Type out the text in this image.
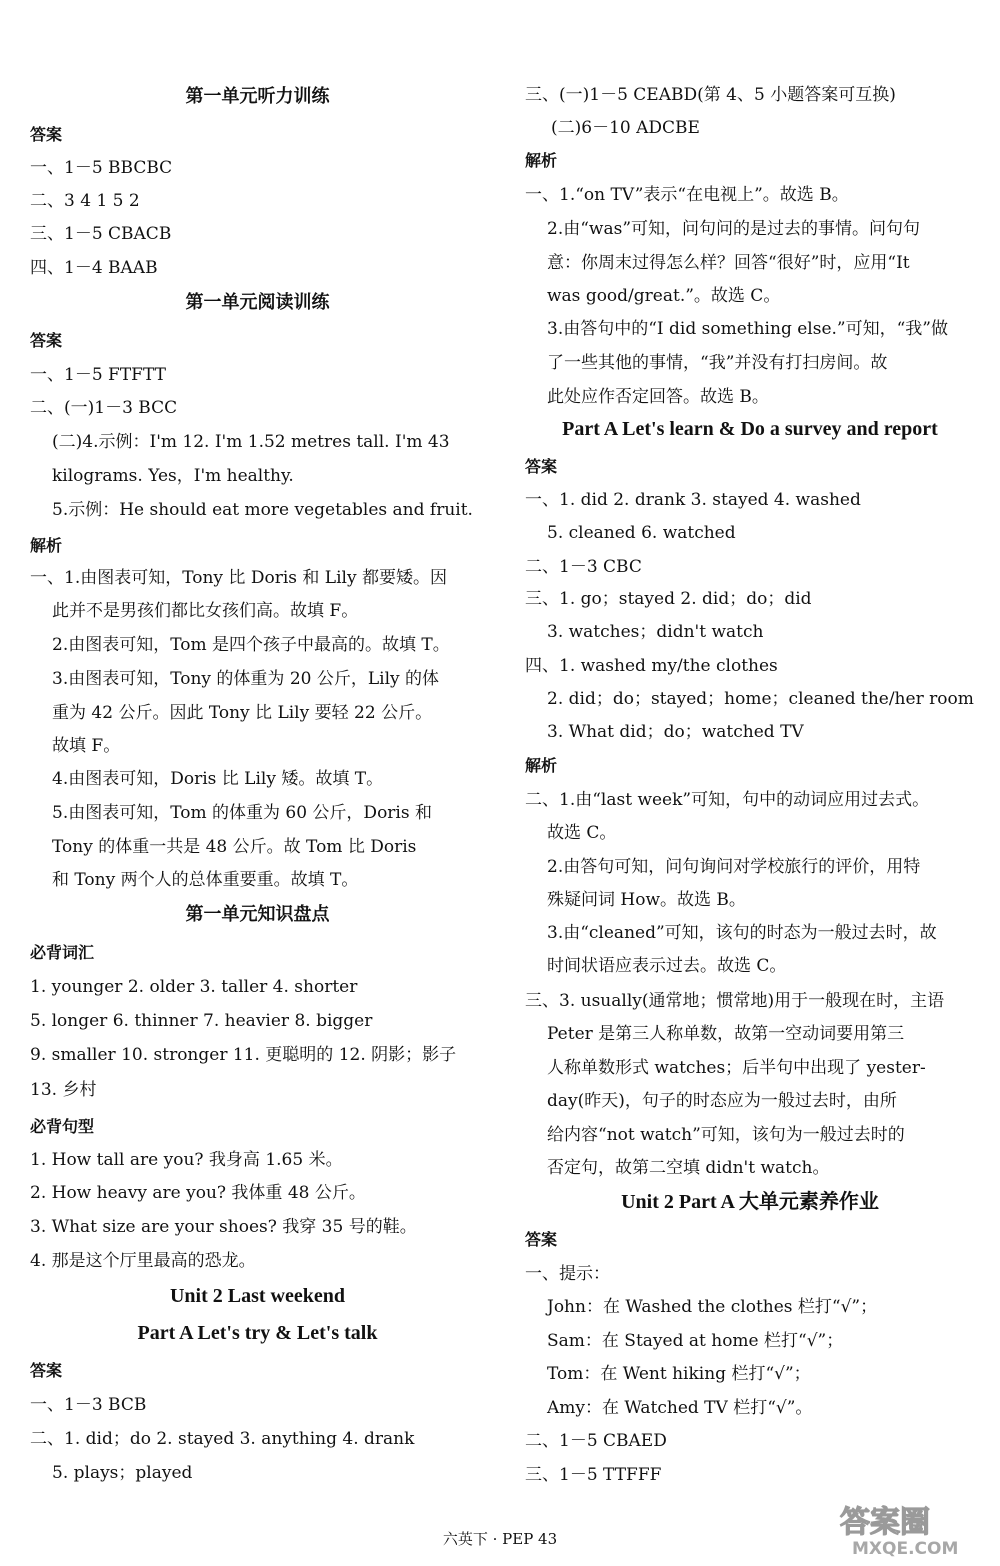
第一单元听力训练
答案
一、1－5 BBCBC
二、3 4 1 5 2
三、1－5 CBACB
四、1－4 BAAB
第一单元阅读训练
答案
一、1－5 FTFTT
二、(一)1－3 BCC
(二)4.示例：I'm 12. I'm 1.52 metres tall. I'm 43
kilograms. Yes，I'm healthy.
5.示例：He should eat more vegetables and fruit.
解析
一、1.由图表可知，Tony 比 Doris 和 Lily 都要矮。因
此并不是男孩们都比女孩们高。故填 F。
2.由图表可知，Tom 是四个孩子中最高的。故填 T。
3.由图表可知，Tony 的体重为 20 公斤，Lily 的体
重为 42 公斤。因此 Tony 比 Lily 要轻 22 公斤。
故填 F。
4.由图表可知，Doris 比 Lily 矮。故填 T。
5.由图表可知，Tom 的体重为 60 公斤，Doris 和
Tony 的体重一共是 48 公斤。故 Tom 比 Doris
和 Tony 两个人的总体重要重。故填 T。
第一单元知识盘点
必背词汇
1. younger 2. older 3. taller 4. shorter
5. longer 6. thinner 7. heavier 8. bigger
9. smaller 10. stronger 11. 更聪明的 12. 阴影；影子
13. 乡村
必背句型
1. How tall are you? 我身高 1.65 米。
2. How heavy are you? 我体重 48 公斤。
3. What size are your shoes? 我穿 35 号的鞋。
4. 那是这个厅里最高的恐龙。
Unit 2 Last weekend
Part A Let's try & Let's talk
答案
一、1－3 BCB
二、1. did；do 2. stayed 3. anything 4. drank
5. plays；played
三、(一)1－5 CEABD(第 4、5 小题答案可互换)
(二)6－10 ADCBE
解析
一、1.“on TV”表示“在电视上”。故选 B。
2.由“was”可知，问句问的是过去的事情。问句句
意：你周末过得怎么样？回答“很好”时，应用“It
was good/great.”。故选 C。
3.由答句中的“I did something else.”可知，“我”做
了一些其他的事情，“我”并没有打扫房间。故
此处应作否定回答。故选 B。
Part A Let's learn & Do a survey and report
答案
一、1. did 2. drank 3. stayed 4. washed
5. cleaned 6. watched
二、1－3 CBC
三、1. go；stayed 2. did；do；did
3. watches；didn't watch
四、1. washed my/the clothes
2. did；do；stayed；home；cleaned the/her room
3. What did；do；watched TV
解析
二、1.由“last week”可知，句中的动词应用过去式。
故选 C。
2.由答句可知，问句询问对学校旅行的评价，用特
殊疑问词 How。故选 B。
3.由“cleaned”可知，该句的时态为一般过去时，故
时间状语应表示过去。故选 C。
三、3. usually(通常地；惯常地)用于一般现在时，主语
Peter 是第三人称单数，故第一空动词要用第三
人称单数形式 watches；后半句中出现了 yester-
day(昨天)，句子的时态应为一般过去时，由所
给内容“not watch”可知，该句为一般过去时的
否定句，故第二空填 didn't watch。
Unit 2 Part A 大单元素养作业
答案
一、提示：
John：在 Washed the clothes 栏打“√”；
Sam：在 Stayed at home 栏打“√”；
Tom：在 Went hiking 栏打“√”；
Amy：在 Watched TV 栏打“√”。
二、1－5 CBAED
三、1－5 TTFFF
六英下 · PEP 43	答案圈
MXQE.COM
